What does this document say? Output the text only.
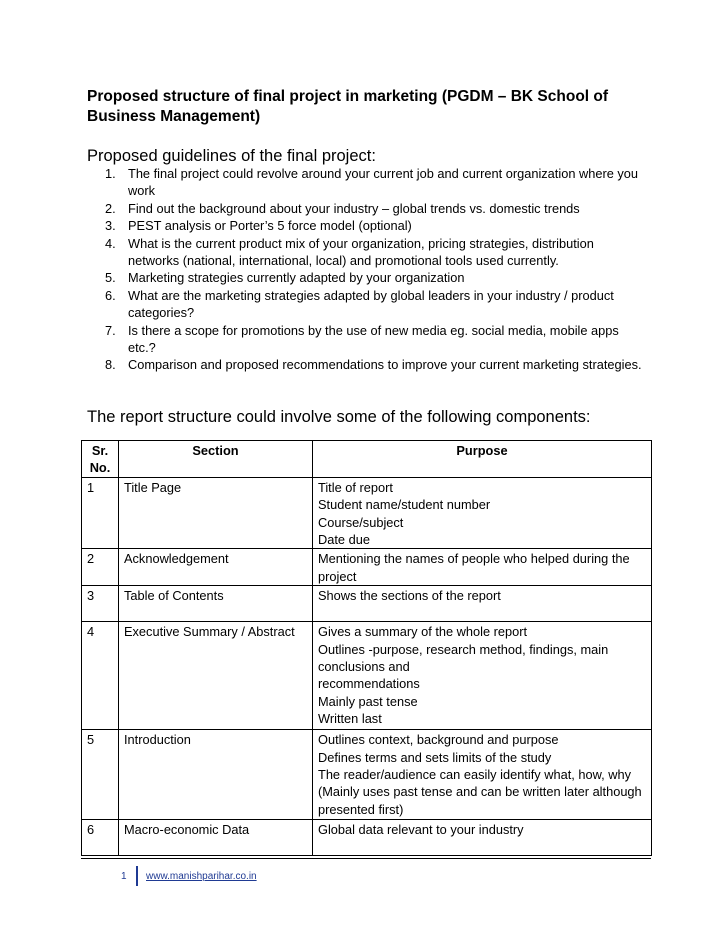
Proposed structure of final project in marketing (PGDM – BK School of Business Management)
Proposed guidelines of the final project:
1. The final project could revolve around your current job and current organization where you work
2. Find out the background about your industry – global trends vs. domestic trends
3. PEST analysis or Porter’s 5 force model (optional)
4. What is the current product mix of your organization, pricing strategies, distribution networks (national, international, local) and promotional tools used currently.
5. Marketing strategies currently adapted by your organization
6. What are the marketing strategies adapted by global leaders in your industry / product categories?
7. Is there a scope for promotions by the use of new media eg. social media, mobile apps etc.?
8. Comparison and proposed recommendations to improve your current marketing strategies.
The report structure could involve some of the following components:
Sr. No.	Section	Purpose
1	Title Page	Title of report
Student name/student number
Course/subject
Date due

2	Acknowledgement	Mentioning the names of people who helped during the project

3	Table of Contents	Shows the sections of the report

4	Executive Summary / Abstract	Gives a summary of the whole report
Outlines -purpose, research method, findings, main conclusions and
recommendations
Mainly past tense
Written last

5	Introduction	Outlines context, background and purpose
Defines terms and sets limits of the study
The reader/audience can easily identify what, how, why
(Mainly uses past tense and can be written later although presented first)

6	Macro-economic Data	Global data relevant to your industry
1 www.manishparihar.co.in
